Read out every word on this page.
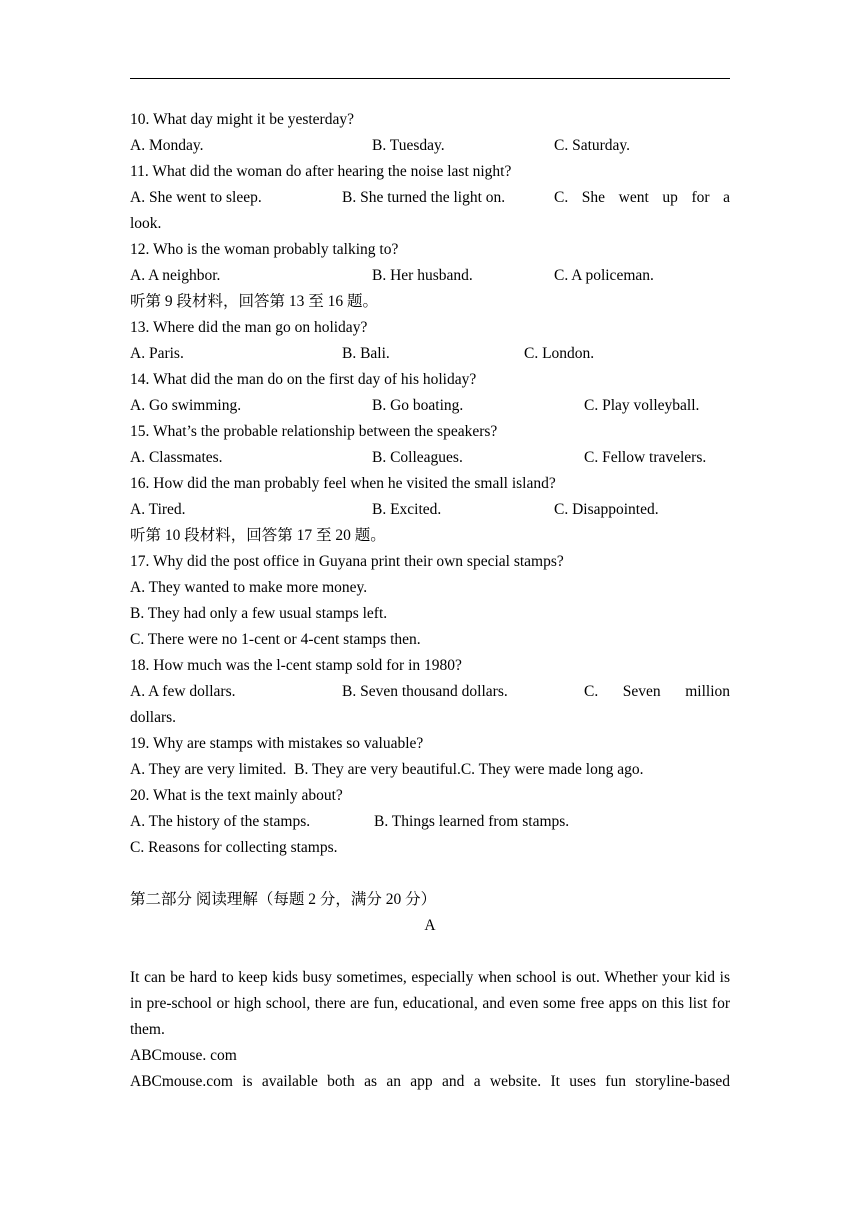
10. What day might it be yesterday?
A. Monday.	B. Tuesday.	C. Saturday.
11. What did the woman do after hearing the noise last night?
A. She went to sleep.	B. She turned the light on.	C. She went up for a
look.
12. Who is the woman probably talking to?
A. A neighbor.	B. Her husband.	C. A policeman.
听第 9 段材料，回答第 13 至 16 题。
13. Where did the man go on holiday?
A. Paris.	B. Bali.	C. London.
14. What did the man do on the first day of his holiday?
A. Go swimming.	B. Go boating.	C. Play volleyball.
15. What’s the probable relationship between the speakers?
A. Classmates.	B. Colleagues.	C. Fellow travelers.
16. How did the man probably feel when he visited the small island?
A. Tired.	B. Excited.	C. Disappointed.
听第 10 段材料，回答第 17 至 20 题。
17. Why did the post office in Guyana print their own special stamps?
A. They wanted to make more money.
B. They had only a few usual stamps left.
C. There were no 1-cent or 4-cent stamps then.
18. How much was the l-cent stamp sold for in 1980?
A. A few dollars.	B. Seven thousand dollars.	C. Seven million
dollars.
19. Why are stamps with mistakes so valuable?
A. They are very limited.  B. They are very beautiful.C. They were made long ago.
20. What is the text mainly about?
A. The history of the stamps.	B. Things learned from stamps.
C. Reasons for collecting stamps.
第二部分 阅读理解（每题 2 分，满分 20 分）
A

It can be hard to keep kids busy sometimes, especially when school is out. Whether your kid is in pre-school or high school, there are fun, educational, and even some free apps on this list for them.

ABCmouse. com

ABCmouse.com is available both as an app and a website. It uses fun storyline-based
